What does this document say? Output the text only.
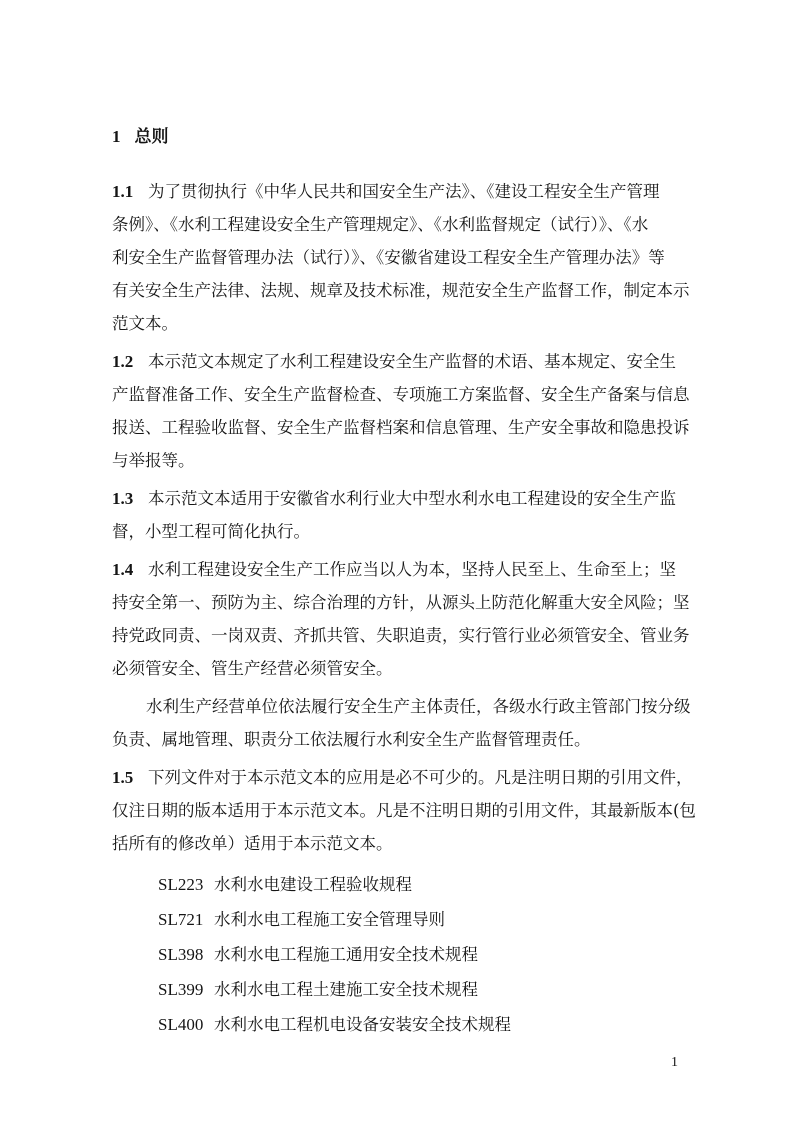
1 总则
1.1 为了贯彻执行《中华人民共和国安全生产法》、《建设工程安全生产管理
条例》、《水利工程建设安全生产管理规定》、《水利监督规定（试行）》、《水
利安全生产监督管理办法（试行）》、《安徽省建设工程安全生产管理办法》等
有关安全生产法律、法规、规章及技术标准，规范安全生产监督工作，制定本示
范文本。
1.2 本示范文本规定了水利工程建设安全生产监督的术语、基本规定、安全生
产监督准备工作、安全生产监督检查、专项施工方案监督、安全生产备案与信息
报送、工程验收监督、安全生产监督档案和信息管理、生产安全事故和隐患投诉
与举报等。
1.3 本示范文本适用于安徽省水利行业大中型水利水电工程建设的安全生产监
督，小型工程可简化执行。
1.4 水利工程建设安全生产工作应当以人为本，坚持人民至上、生命至上；坚
持安全第一、预防为主、综合治理的方针，从源头上防范化解重大安全风险；坚
持党政同责、一岗双责、齐抓共管、失职追责，实行管行业必须管安全、管业务
必须管安全、管生产经营必须管安全。
水利生产经营单位依法履行安全生产主体责任，各级水行政主管部门按分级
负责、属地管理、职责分工依法履行水利安全生产监督管理责任。
1.5 下列文件对于本示范文本的应用是必不可少的。凡是注明日期的引用文件，
仅注日期的版本适用于本示范文本。凡是不注明日期的引用文件，其最新版本(包
括所有的修改单）适用于本示范文本。
SL223 水利水电建设工程验收规程
SL721 水利水电工程施工安全管理导则
SL398 水利水电工程施工通用安全技术规程
SL399 水利水电工程土建施工安全技术规程
SL400 水利水电工程机电设备安装安全技术规程
1
